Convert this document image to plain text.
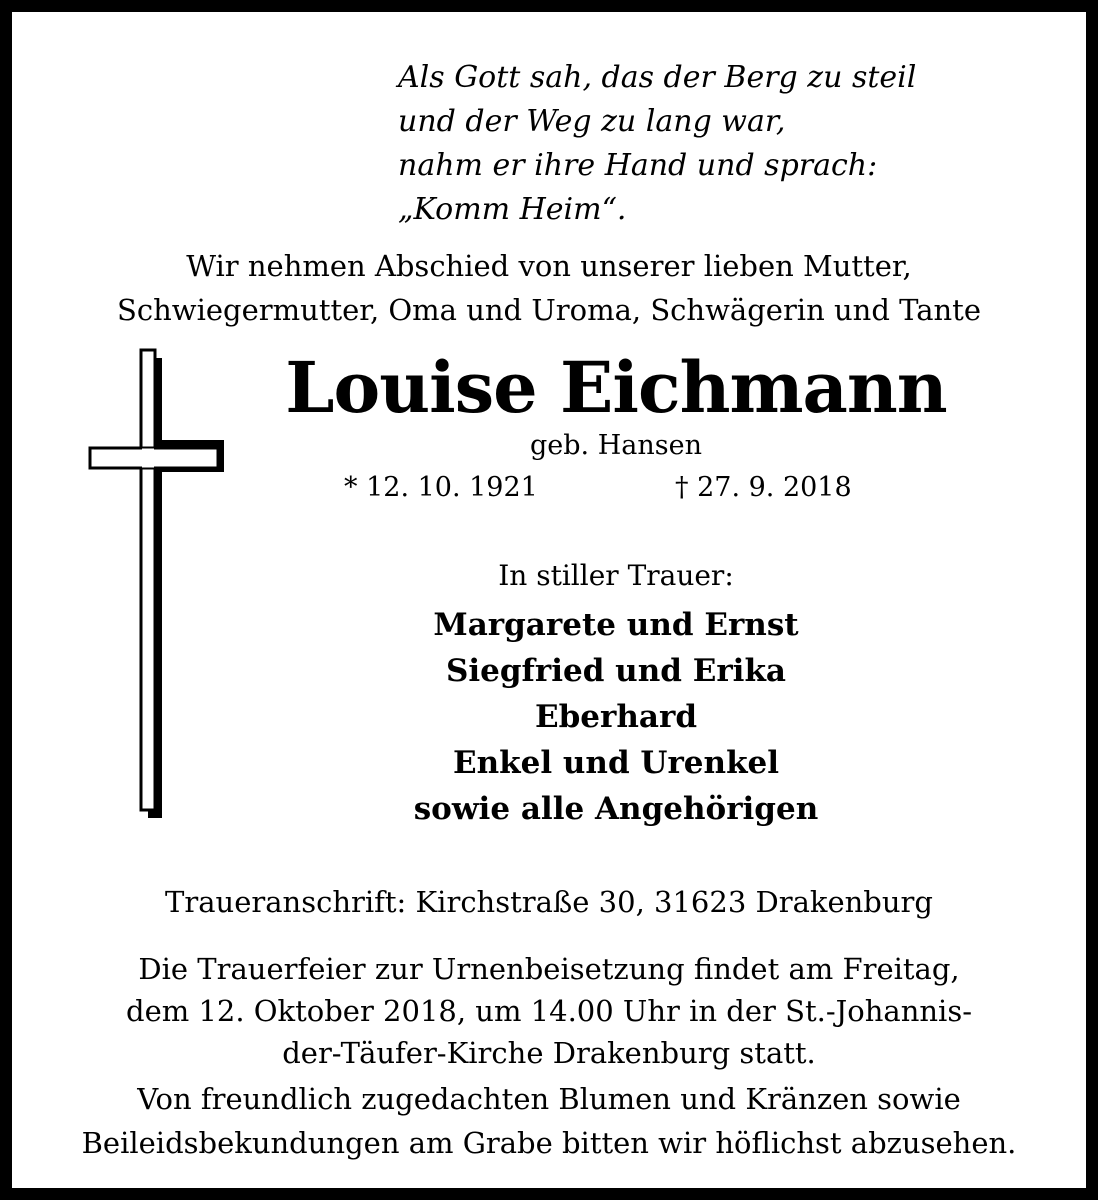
Als Gott sah, das der Berg zu steil
und der Weg zu lang war,
nahm er ihre Hand und sprach:
„Komm Heim“.
Wir nehmen Abschied von unserer lieben Mutter,
Schwiegermutter, Oma und Uroma, Schwägerin und Tante
Louise Eichmann
geb. Hansen
* 12. 10. 1921	† 27. 9. 2018
In stiller Trauer:
Margarete und Ernst
Siegfried und Erika
Eberhard
Enkel und Urenkel
sowie alle Angehörigen
Traueranschrift: Kirchstraße 30, 31623 Drakenburg
Die Trauerfeier zur Urnenbeisetzung findet am Freitag,
dem 12. Oktober 2018, um 14.00 Uhr in der St.-Johannis-
der-Täufer-Kirche Drakenburg statt.
Von freundlich zugedachten Blumen und Kränzen sowie
Beileidsbekundungen am Grabe bitten wir höflichst abzusehen.
